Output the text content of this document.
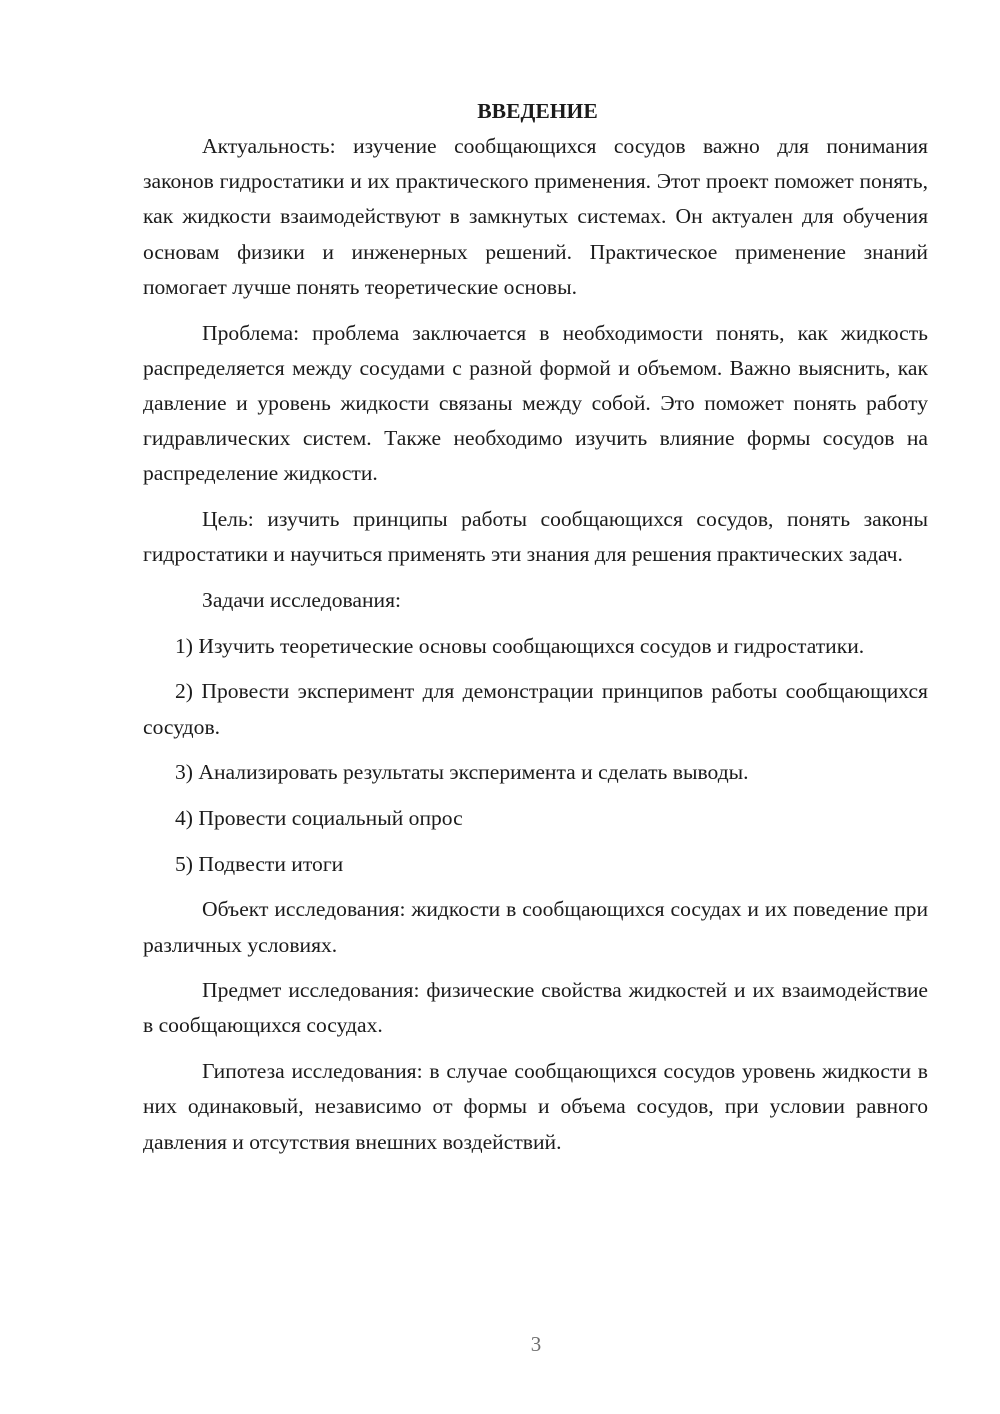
ВВЕДЕНИЕ

Актуальность: изучение сообщающихся сосудов важно для понимания законов гидростатики и их практического применения. Этот проект поможет понять, как жидкости взаимодействуют в замкнутых системах. Он актуален для обучения основам физики и инженерных решений. Практическое применение знаний помогает лучше понять теоретические основы.

Проблема: проблема заключается в необходимости понять, как жидкость распределяется между сосудами с разной формой и объемом. Важно выяснить, как давление и уровень жидкости связаны между собой. Это поможет понять работу гидравлических систем. Также необходимо изучить влияние формы сосудов на распределение жидкости.

Цель: изучить принципы работы сообщающихся сосудов, понять законы гидростатики и научиться применять эти знания для решения практических задач.

Задачи исследования:

1) Изучить теоретические основы сообщающихся сосудов и гидростатики.

2) Провести эксперимент для демонстрации принципов работы сообщающихся сосудов.

3) Анализировать результаты эксперимента и сделать выводы.

4) Провести социальный опрос

5) Подвести итоги

Объект исследования: жидкости в сообщающихся сосудах и их поведение при различных условиях.

Предмет исследования: физические свойства жидкостей и их взаимодействие в сообщающихся сосудах.

Гипотеза исследования: в случае сообщающихся сосудов уровень жидкости в них одинаковый, независимо от формы и объема сосудов, при условии равного давления и отсутствия внешних воздействий.

3
